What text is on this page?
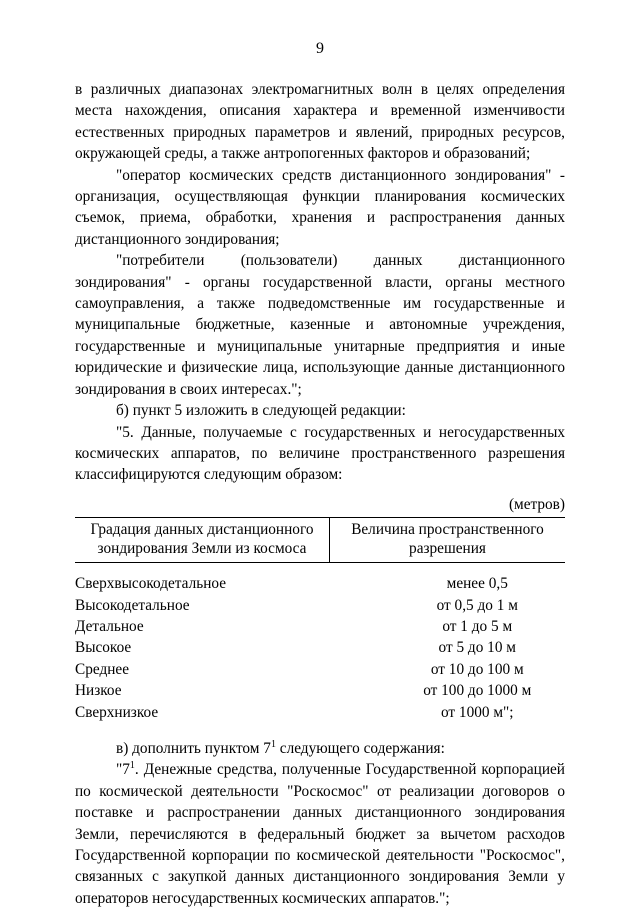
9

в различных диапазонах электромагнитных волн в целях определения места нахождения, описания характера и временной изменчивости естественных природных параметров и явлений, природных ресурсов, окружающей среды, а также антропогенных факторов и образований;

"оператор космических средств дистанционного зондирования" - организация, осуществляющая функции планирования космических съемок, приема, обработки, хранения и распространения данных дистанционного зондирования;

"потребители (пользователи) данных дистанционного зондирования" - органы государственной власти, органы местного самоуправления, а также подведомственные им государственные и муниципальные бюджетные, казенные и автономные учреждения, государственные и муниципальные унитарные предприятия и иные юридические и физические лица, использующие данные дистанционного зондирования в своих интересах.";

б) пункт 5 изложить в следующей редакции:

"5. Данные, получаемые с государственных и негосударственных космических аппаратов, по величине пространственного разрешения классифицируются следующим образом:

(метров)

Градация данных дистанционного зондирования Земли из космоса	Величина пространственного разрешения
Сверхвысокодетальное	менее 0,5
Высокодетальное	от 0,5 до 1 м
Детальное	от 1 до 5 м
Высокое	от 5 до 10 м
Среднее	от 10 до 100 м
Низкое	от 100 до 1000 м
Сверхнизкое	от 1000 м";

в) дополнить пунктом $7^1$ следующего содержания:

"$7^1$. Денежные средства, полученные Государственной корпорацией по космической деятельности "Роскосмос" от реализации договоров о поставке и распространении данных дистанционного зондирования Земли, перечисляются в федеральный бюджет за вычетом расходов Государственной корпорации по космической деятельности "Роскосмос", связанных с закупкой данных дистанционного зондирования Земли у операторов негосударственных космических аппаратов.";
